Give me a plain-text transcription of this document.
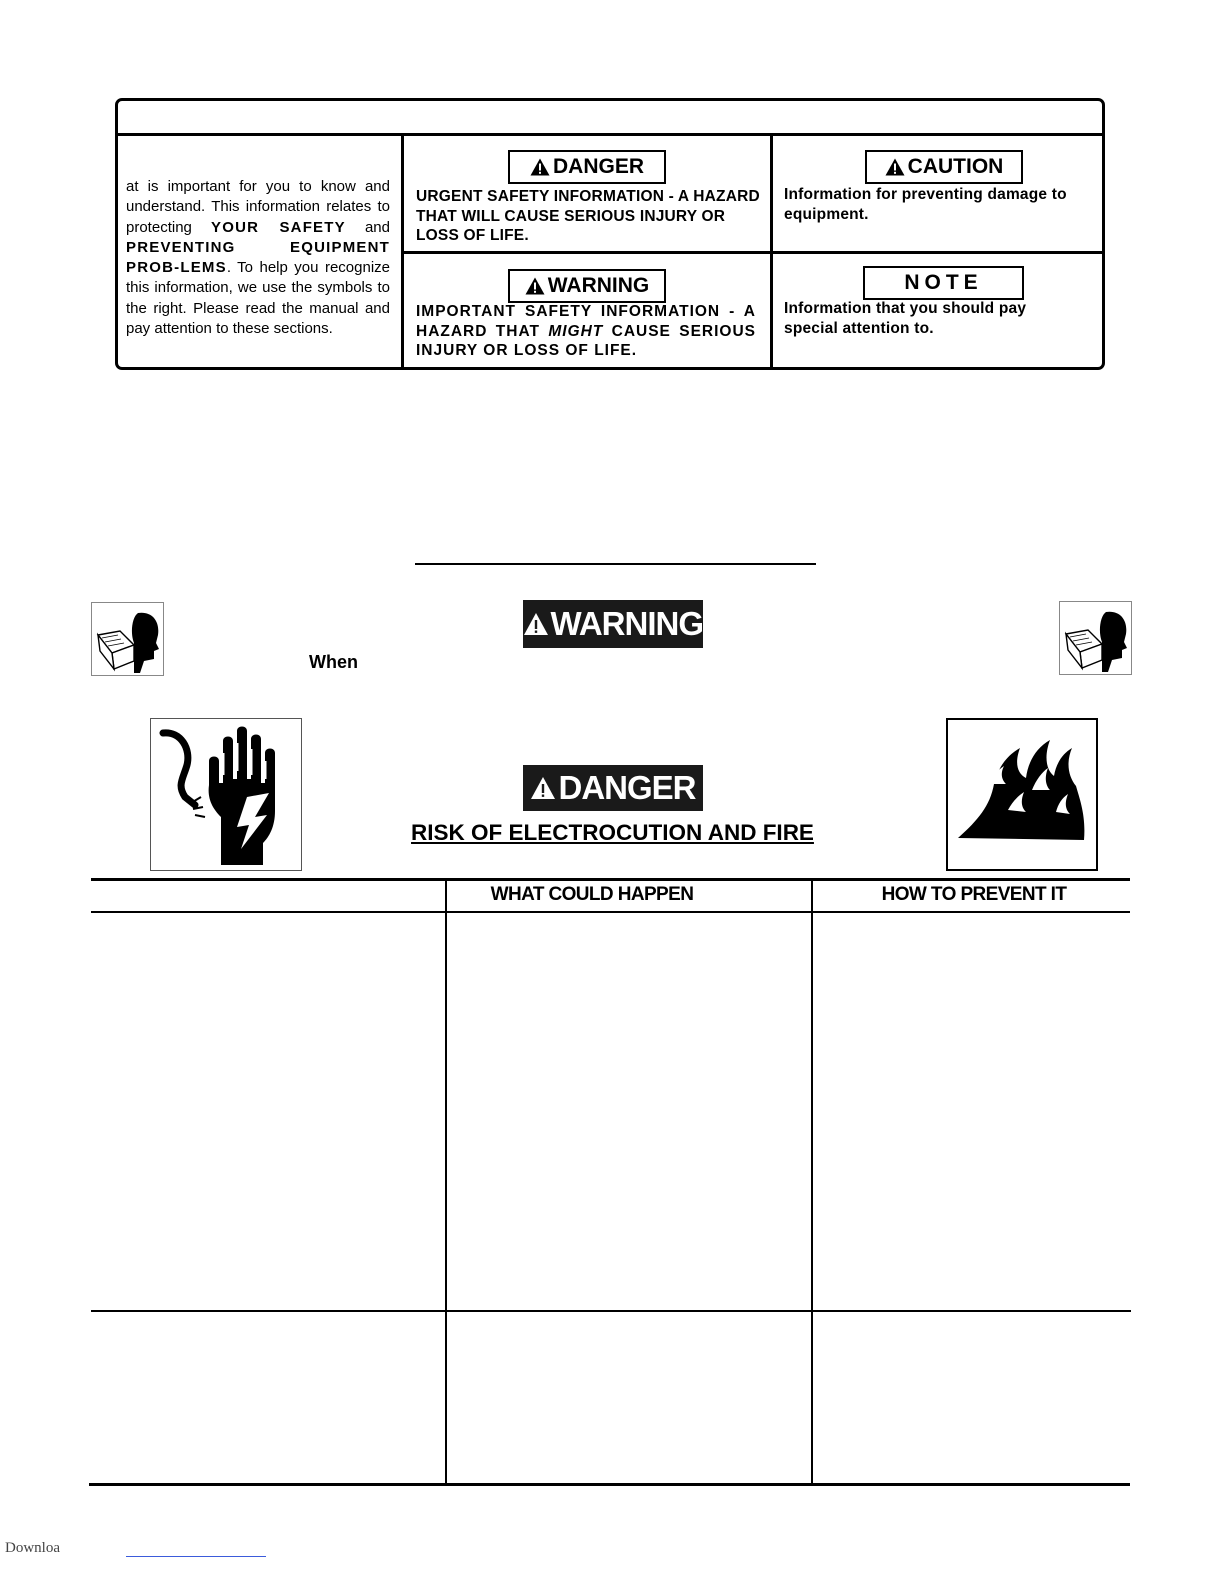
at is important for you to know and understand. This information relates to protecting YOUR SAFETY and PREVENTING EQUIPMENT PROB-LEMS. To help you recognize this information, we use the symbols to the right. Please read the manual and pay attention to these sections.
DANGER
URGENT SAFETY INFORMATION - A HAZARD THAT WILL CAUSE SERIOUS INJURY OR LOSS OF LIFE.
CAUTION
Information for preventing damage to equipment.
WARNING
IMPORTANT SAFETY INFORMATION - A HAZARD THAT MIGHT CAUSE SERIOUS INJURY OR LOSS OF LIFE.
NOTE
Information that you should pay special attention to.
WARNING
When
DANGER
RISK OF ELECTROCUTION AND FIRE
WHAT COULD HAPPEN	HOW TO PREVENT IT
Downloa
